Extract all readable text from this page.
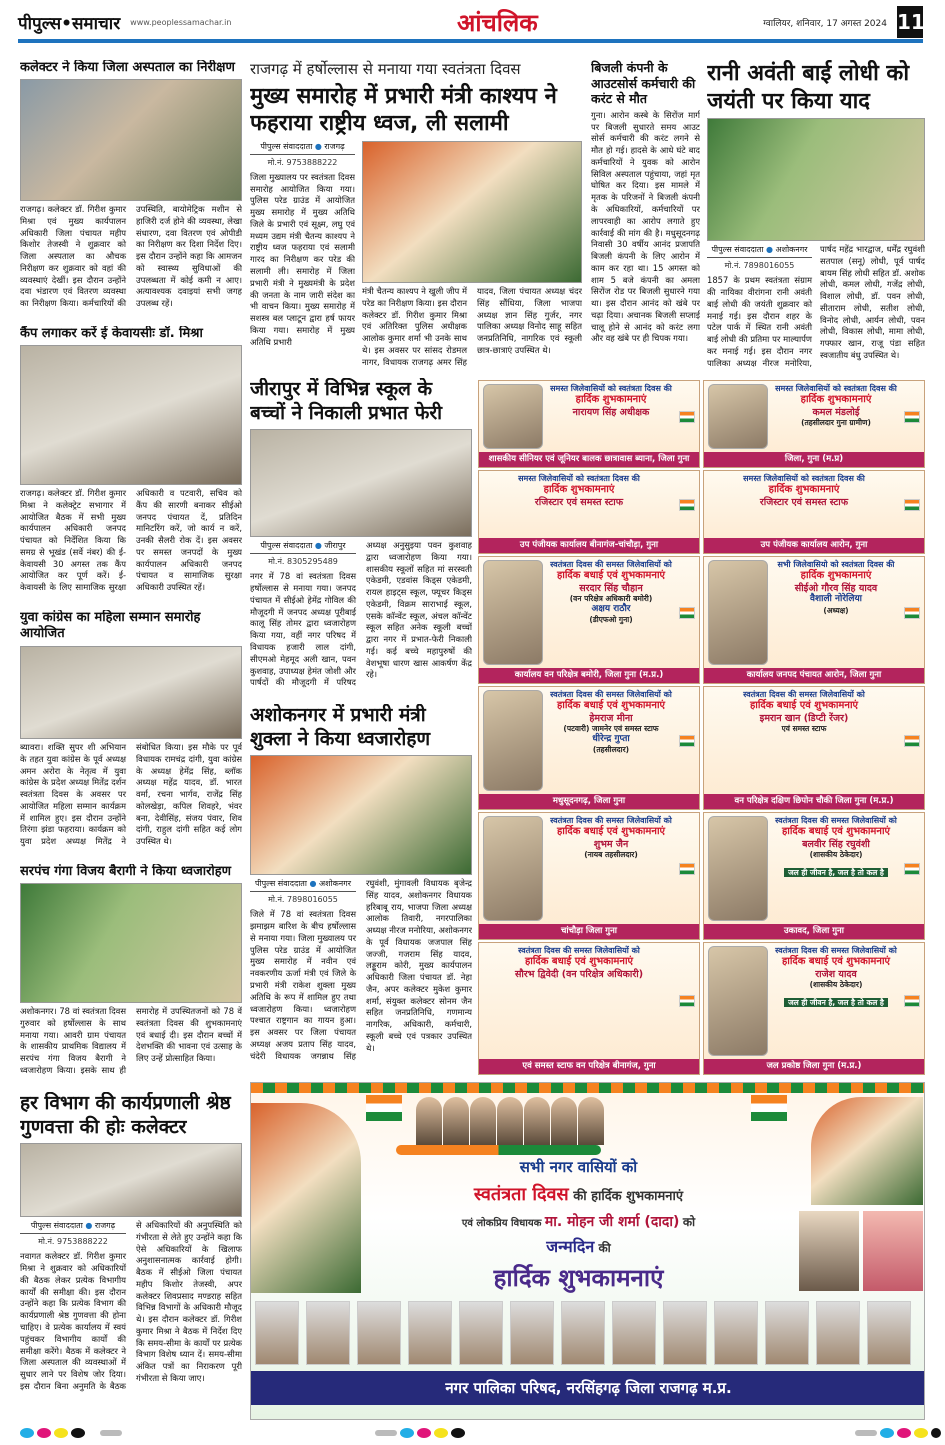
पीपुल्स•समाचार www.peoplessamachar.in	आंचलिक	ग्वालियर, शनिवार, 17 अगस्त 2024 11
कलेक्टर ने किया जिला अस्पताल का निरीक्षण
राजगढ़। कलेक्टर डॉ. गिरीश कुमार मिश्रा एवं मुख्य कार्यपालन अधिकारी जिला पंचायत महीप किशोर तेजस्वी ने शुक्रवार को जिला अस्पताल का औचक निरीक्षण कर शुक्रवार को वहां की व्यवस्थाएं देखीं। इस दौरान उन्होंने दवा भंडारण एवं वितरण व्यवस्था का निरीक्षण किया। कर्मचारियों की उपस्थिति, बायोमेट्रिक मशीन से हाजिरी दर्ज होने की व्यवस्था, लेखा संधारण, दवा वितरण एवं ओपीडी का निरीक्षण कर दिशा निर्देश दिए। इस दौरान उन्होंने कहा कि आमजन को स्वास्थ्य सुविधाओं की उपलब्धता में कोई कमी न आए। अत्यावश्यक दवाइयां सभी जगह उपलब्ध रहें।
कैंप लगाकर करें ई केवायसीः डॉ. मिश्रा
राजगढ़। कलेक्टर डॉ. गिरीश कुमार मिश्रा ने कलेक्ट्रेट सभागार में आयोजित बैठक में सभी मुख्य कार्यपालन अधिकारी जनपद पंचायत को निर्देशित किया कि समग्र से भूखंड (सर्वे नंबर) की ई-केवायसी 30 अगस्त तक कैंप आयोजित कर पूर्ण करें। ई-केवायसी के लिए सामाजिक सुरक्षा अधिकारी व पटवारी, सचिव को कैंप की सारणी बनाकर सीईओ जनपद पंचायत दें, प्रतिदिन मानिटरिंग करें, जो कार्य न करें, उनकी सैलरी रोक दें। इस अवसर पर समस्त जनपदों के मुख्य कार्यपालन अधिकारी जनपद पंचायत व सामाजिक सुरक्षा अधिकारी उपस्थित रहें।
युवा कांग्रेस का महिला सम्मान समारोह आयोजित
ब्यावरा। शक्ति सुपर शी अभियान के तहत युवा कांग्रेस के पूर्व अध्यक्ष अमन अरोरा के नेतृत्व में युवा कांग्रेस के प्रदेश अध्यक्ष मितेंद्र दर्शन स्वतंत्रता दिवस के अवसर पर आयोजित महिला सम्मान कार्यक्रम में शामिल हुए। इस दौरान उन्होंने तिरंगा झंडा फहराया। कार्यक्रम को युवा प्रदेश अध्यक्ष मितेंद्र ने संबोधित किया। इस मौके पर पूर्व विधायक रामचंद्र दांगी, युवा कांग्रेस के अध्यक्ष हेमेंद्र सिंह, ब्लॉक अध्यक्ष महेंद्र यादव, डॉ. भारत वर्मा, रचना भार्गव, राजेंद्र सिंह कोलखेड़ा, कपिल शिवहरे, भंवर बना, देवीसिंह, संजय पंवार, शिव दांगी, राहुल दांगी सहित कई लोग उपस्थित थे।
सरपंच गंगा विजय बैरागी ने किया ध्वजारोहण
अशोकनगर। 78 वां स्वतंत्रता दिवस गुरुवार को हर्षोल्लास के साथ मनाया गया। आवरी ग्राम पंचायत के शासकीय प्राथमिक विद्यालय में सरपंच गंगा विजय बैरागी ने ध्वजारोहण किया। इसके साथ ही समारोह में उपस्थितजनों को 78 वें स्वतंत्रता दिवस की शुभकामनाएं एवं बधाई दी। इस दौरान बच्चों में देशभक्ति की भावना एवं उत्साह के लिए उन्हें प्रोत्साहित किया।
हर विभाग की कार्यप्रणाली श्रेष्ठ गुणवत्ता की होः कलेक्टर
पीपुल्स संवाददाता ● राजगढ़
मो.नं. 9753888222
नवागत कलेक्टर डॉ. गिरीश कुमार मिश्रा ने शुक्रवार को अधिकारियों की बैठक लेकर प्रत्येक विभागीय कार्यों की समीक्षा की। इस दौरान उन्होंने कहा कि प्रत्येक विभाग की कार्यप्रणाली श्रेष्ठ गुणवत्ता की होना चाहिए। वे प्रत्येक कार्यालय में स्वयं पहुंचकर विभागीय कार्यों की समीक्षा करेंगे। बैठक में कलेक्टर ने जिला अस्पताल की व्यवस्थाओं में सुधार लाने पर विशेष जोर दिया। इस दौरान बिना अनुमति के बैठक से अधिकारियों की अनुपस्थिति को गंभीरता से लेते हुए उन्होंने कहा कि ऐसे अधिकारियों के खिलाफ अनुशासनात्मक कार्रवाई होगी। बैठक में सीईओ जिला पंचायत महीप किशोर तेजस्वी, अपर कलेक्टर शिवप्रसाद मण्डराह सहित विभिन्न विभागों के अधिकारी मौजूद थे। इस दौरान कलेक्टर डॉ. गिरीश कुमार मिश्रा ने बैठक में निर्देश दिए कि समय-सीमा के कार्यों पर प्रत्येक विभाग विशेष ध्यान दें। समय-सीमा अंकित पत्रों का निराकरण पूरी गंभीरता से किया जाए।
राजगढ़ में हर्षोल्लास से मनाया गया स्वतंत्रता दिवस
मुख्य समारोह में प्रभारी मंत्री काश्यप ने फहराया राष्ट्रीय ध्वज, ली सलामी
पीपुल्स संवाददाता ● राजगढ़
मो.नं. 9753888222
जिला मुख्यालय पर स्वतंत्रता दिवस समारोह आयोजित किया गया। पुलिस परेड ग्राउंड में आयोजित मुख्य समारोह में मुख्य अतिथि जिले के प्रभारी एवं सूक्ष्म, लघु एवं मध्यम उद्यम मंत्री चैतन्य काश्यप ने राष्ट्रीय ध्वज फहराया एवं सलामी गारद का निरीक्षण कर परेड की सलामी ली। समारोह में जिला प्रभारी मंत्री ने मुख्यमंत्री के प्रदेश की जनता के नाम जारी संदेश का भी वाचन किया। मुख्य समारोह में सशस्त्र बल प्लाटून द्वारा हर्ष फायर किया गया। समारोह में मुख्य अतिथि प्रभारी
मंत्री चैतन्य काश्यप ने खुली जीप में परेड का निरीक्षण किया। इस दौरान कलेक्टर डॉ. गिरीश कुमार मिश्रा एवं अतिरिक्त पुलिस अधीक्षक आलोक कुमार शर्मा भी उनके साथ थे। इस अवसर पर सांसद रोडमल नागर, विधायक राजगढ़ अमर सिंह यादव, जिला पंचायत अध्यक्ष चंदर सिंह सौंधिया, जिला भाजपा अध्यक्ष ज्ञान सिंह गुर्जर, नगर पालिका अध्यक्ष विनोद साहू सहित जनप्रतिनिधि, नागरिक एवं स्कूली छात्र-छात्राएं उपस्थित थे।
बिजली कंपनी के आउटसोर्स कर्मचारी की करंट से मौत
गुना। आरोन कस्बे के सिरोंज मार्ग पर बिजली सुधारते समय आउट सोर्स कर्मचारी की करंट लगने से मौत हो गई। हादसे के आधे घंटे बाद कर्मचारियों ने युवक को आरोन सिविल अस्पताल पहुंचाया, जहां मृत घोषित कर दिया। इस मामले में मृतक के परिजनों ने बिजली कंपनी के अधिकारियों, कर्मचारियों पर लापरवाही का आरोप लगाते हुए कार्रवाई की मांग की है। मधुसूदनगढ़ निवासी 30 वर्षीय आनंद प्रजापति बिजली कंपनी के लिए आरोन में काम कर रहा था। 15 अगस्त को शाम 5 बजे कंपनी का अमला सिरोंज रोड पर बिजली सुधारने गया था। इस दौरान आनंद को खंबे पर चढ़ा दिया। अचानक बिजली सप्लाई चालू होने से आनंद को करंट लगा और वह खंबे पर ही चिपक गया।
रानी अवंती बाई लोधी को जयंती पर किया याद
पीपुल्स संवाददाता ● अशोकनगर
मो.नं. 7898016055
1857 के प्रथम स्वतंत्रता संग्राम की नायिका वीरांगना रानी अवंती बाई लोधी की जयंती शुक्रवार को मनाई गई। इस दौरान शहर के पटेल पार्क में स्थित रानी अवंती बाई लोधी की प्रतिमा पर माल्यार्पण कर मनाई गई। इस दौरान नगर पालिका अध्यक्ष नीरज मनोरिया, पार्षद महेंद्र भारद्वाज, धर्मेंद्र रघुवंशी सतपाल (सनू) लोधी, पूर्व पार्षद बायम सिंह लोधी सहित डॉ. अशोक लोधी, कमल लोधी, गजेंद्र लोधी, विशाल लोधी, डॉ. पवन लोधी, सीताराम लोधी, सतीश लोधी, विनोद लोधी, आर्यन लोधी, पवन लोधी, विकास लोधी, मामा लोधी, गफ्फार खान, राजू पंडा सहित स्वजातीय बंधु उपस्थित थे।
जीरापुर में विभिन्न स्कूल के बच्चों ने निकाली प्रभात फेरी
पीपुल्स संवाददाता ● जीरापुर
मो.नं. 8305295489
नगर में 78 वां स्वतंत्रता दिवस हर्षोल्लास से मनाया गया। जनपद पंचायत में सीईओ हेमेंद्र गोविल की मौजूदगी में जनपद अध्यक्ष पूरीबाई कालू सिंह तोमर द्वारा ध्वजारोहण किया गया, वहीं नगर परिषद में विधायक हजारी लाल दांगी, सीएमओ मेहमूद अली खान, पवन कुशवाह, उपाध्यक्ष हेमंत जोशी और पार्षदों की मौजूदगी में परिषद अध्यक्ष अनुसुइया पवन कुशवाह द्वारा ध्वजारोहण किया गया। शासकीय स्कूलों सहित मां सरस्वती एकेडमी, एडवांस किड्स एकेडमी, रायल हाइट्स स्कूल, फ्यूचर किड्स एकेडमी, विक्रम साराभाई स्कूल, एसके कॉन्वेंट स्कूल, अंचल कॉन्वेंट स्कूल सहित अनेक स्कूली बच्चों द्वारा नगर में प्रभात-फेरी निकाली गई। कई बच्चे महापुरुषों की वेशभूषा धारण खास आकर्षण केंद्र रहे।
अशोकनगर में प्रभारी मंत्री शुक्ला ने किया ध्वजारोहण
पीपुल्स संवाददाता ● अशोकनगर
मो.नं. 7898016055
जिले में 78 वां स्वतंत्रता दिवस झमाझम बारिश के बीच हर्षोल्लास से मनाया गया। जिला मुख्यालय पर पुलिस परेड ग्राउंड में आयोजित मुख्य समारोह में नवीन एवं नवकरणीय ऊर्जा मंत्री एवं जिले के प्रभारी मंत्री राकेश शुक्ला मुख्य अतिथि के रूप में शामिल हुए तथा ध्वजारोहण किया। ध्वजारोहण पश्चात राष्ट्रगान का गायन हुआ। इस अवसर पर जिला पंचायत अध्यक्ष अजय प्रताप सिंह यादव, चंदेरी विधायक जगन्नाथ सिंह रघुवंशी, मुंगावली विधायक बृजेन्द्र सिंह यादव, अशोकनगर विधायक हरिबाबू राय, भाजपा जिला अध्यक्ष आलोक तिवारी, नगरपालिका अध्यक्ष नीरज मनोरिया, अशोकनगर के पूर्व विधायक जजपाल सिंह जज्जी, गजराम सिंह यादव, लड्डूराम कोरी, मुख्य कार्यपालन अधिकारी जिला पंचायत डॉ. नेहा जैन, अपर कलेक्टर मुकेश कुमार शर्मा, संयुक्त कलेक्टर सोनम जैन सहित जनप्रतिनिधि, गणमान्य नागरिक, अधिकारी, कर्मचारी, स्कूली बच्चे एवं पत्रकार उपस्थित थे।
समस्त जिलेवासियों को स्वतंत्रता दिवस की
हार्दिक शुभकामनाएं
नारायण सिंह अधीक्षक
शासकीय सीनियर एवं जूनियर बालक छात्रावास ब्याना, जिला गुना
समस्त जिलेवासियों को स्वतंत्रता दिवस की
हार्दिक शुभकामनाएं
कमल मंडलोई
(तहसीलदार गुना ग्रामीण)
जिला, गुना (म.प्र)
समस्त जिलेवासियों को स्वतंत्रता दिवस की
हार्दिक शुभकामनाएं
रजिस्टार एवं समस्त स्टाफ
उप पंजीयक कार्यालय बीनागंज-चांचौड़ा, गुना
समस्त जिलेवासियों को स्वतंत्रता दिवस की
हार्दिक शुभकामनाएं
रजिस्टार एवं समस्त स्टाफ
उप पंजीयक कार्यालय आरोन, गुना
स्वतंत्रता दिवस की समस्त जिलेवासियों को
हार्दिक बधाई एवं शुभकामनाएं
सरदार सिंह चौहान
(वन परिक्षेत्र अधिकारी बमोरी)
अक्षय राठौर
(डीएफओ गुना)
कार्यालय वन परिक्षेत्र बमोरी, जिला गुना (म.प्र.)
सभी जिलेवासियो को स्वतंत्रता दिवस की
हार्दिक शुभकामनाएं
सीईओ गौरव सिंह यादव
वैशाली नोरेलिया
(अध्यक्ष)
कार्यालय जनपद पंचायत आरोन, जिला गुना
स्वतंत्रता दिवस की समस्त जिलेवासियों को
हार्दिक बधाई एवं शुभकामनाएं
हेमराज मीना
(पटवारी) जामनेर एवं समस्त स्टाफ
धीरेन्द्र गुप्ता
(तहसीलदार)
मधुसूदनगढ़, जिला गुना
स्वतंत्रता दिवस की समस्त जिलेवासियों को
हार्दिक बधाई एवं शुभकामनाएं
इमरान खान (डिप्टी रेंजर)
एवं समस्त स्टाफ
वन परिक्षेत्र दक्षिण छिपोन चौकी जिला गुना (म.प्र.)
स्वतंत्रता दिवस की समस्त जिलेवासियों को
हार्दिक बधाई एवं शुभकामनाएं
शुभम जैन
(नायब तहसीलदार)
चांचौड़ा जिला गुना
स्वतंत्रता दिवस की समस्त जिलेवासियों को
हार्दिक बधाई एवं शुभकामनाएं
बलवीर सिंह रघुवंशी
(शासकीय ठेकेदार)
जल ही जीवन है, जल है तो कल है
उकावद, जिला गुना
स्वतंत्रता दिवस की समस्त जिलेवासियों को
हार्दिक बधाई एवं शुभकामनाएं
सौरभ द्विवेदी (वन परिक्षेत्र अधिकारी)
एवं समस्त स्टाफ वन परिक्षेत्र बीनागंज, गुना
स्वतंत्रता दिवस की समस्त जिलेवासियों को
हार्दिक बधाई एवं शुभकामनाएं
राजेश यादव
(शासकीय ठेकेदार)
जल ही जीवन है, जल है तो कल है
जल प्रकोष्ठ जिला गुना (म.प्र.)
सभी नगर वासियों को
स्वतंत्रता दिवस की हार्दिक शुभकामनाएं
एवं लोकप्रिय विधायक मा. मोहन जी शर्मा (दादा) को
जन्मदिन की
हार्दिक शुभकामनाएं
नगर पालिका परिषद, नरसिंहगढ़ जिला राजगढ़ म.प्र.
